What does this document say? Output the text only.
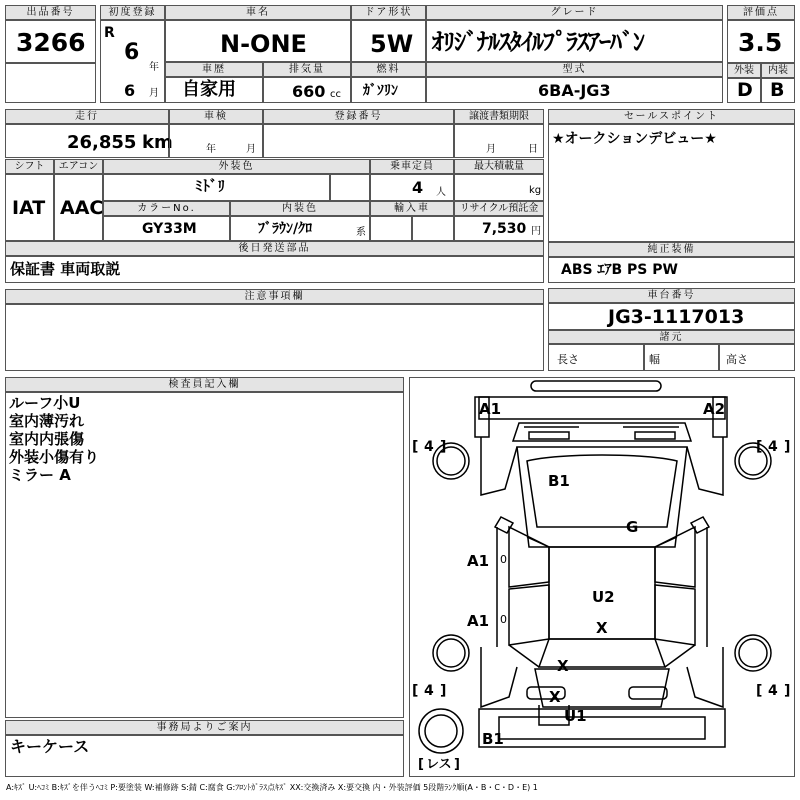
出品番号
3266
初度登録
R
6
年
6 月
車名
N-ONE
ドア形状
5W
グレード
ｵﾘｼﾞﾅﾙｽﾀｲﾙﾌﾟﾗｽｱｰﾊﾞﾝ
評価点
3.5
車歴
自家用
排気量
660 cc
燃料
ｶﾞｿﾘﾝ
型式
6BA-JG3
外装
D
内装
B
走行
26,855 km
車検
年	月
登録番号	譲渡書類期限
月	日
シフト
IAT
エアコン
AAC
外装色
ﾐﾄﾞﾘ
乗車定員
4 人
最大積載量
kg
カラーNo.
GY33M
内装色
ﾌﾞﾗｳﾝ/ｸﾛ	系
輸入車	リサイクル預託金
7,530 円
後日発送部品
保証書 車両取説
セールスポイント
★オークションデビュー★
純正装備
ABS ｴｱB PS PW
車台番号
JG3-1117013
諸元
長さ	幅	高さ
注意事項欄
検査員記入欄
ルーフ小U
室内薄汚れ
室内内張傷
外装小傷有り
ミラー A
事務局よりご案内
キーケース
A1	A2
B1
G
A1
A1
U2
X
X
X
U1
B1
0
0
[ 4 ]	[ 4 ]
[ 4 ]	[ 4 ]
[ レス ]
A:ｷｽﾞ U:ﾍｺﾐ B:ｷｽﾞを伴うﾍｺﾐ P:要塗装 W:補修跡 S:錆 C:腐食 G:ﾌﾛﾝﾄｶﾞﾗｽ点ｷｽﾞ XX:交換済み X:要交換 内・外装評価 5段階ﾗﾝｸ順(A・B・C・D・E) 1
